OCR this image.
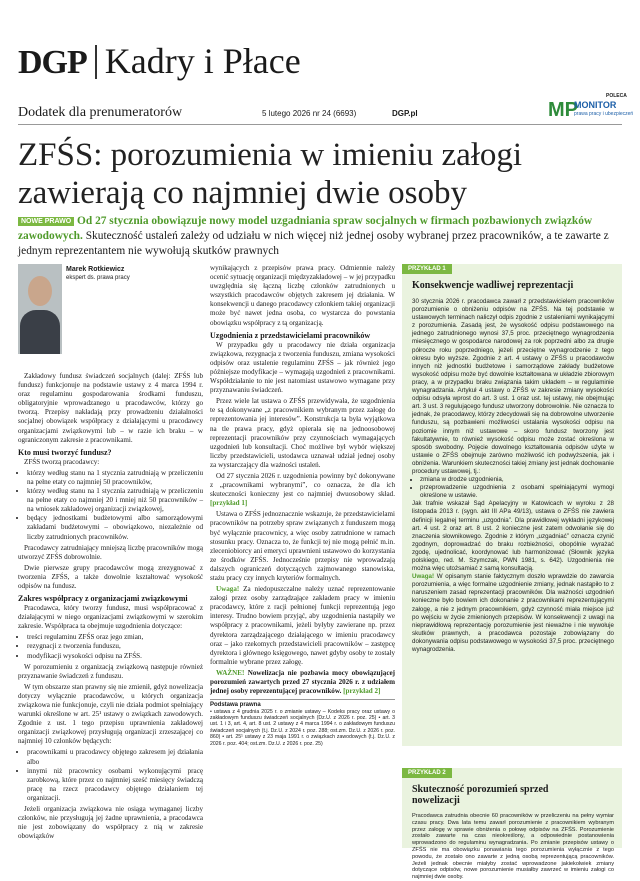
DGP Kadry i Płace
Dodatek dla prenumeratorów	5 lutego 2026 nr 24 (6693)	DGP.pl
POLECA
MP
MONITOR
prawa pracy i ubezpieczeń
ZFŚS: porozumienia w imieniu załogi zawierają co najmniej dwie osoby
NOWE PRAWO Od 27 stycznia obowiązuje nowy model uzgadniania spraw socjalnych w firmach pozbawionych związków zawodowych. Skuteczność ustaleń zależy od udziału w nich więcej niż jednej osoby wybranej przez pracowników, a te zawarte z jednym reprezentantem nie wywołują skutków prawnych
Marek Rotkiewicz
ekspert ds. prawa pracy

Zakładowy fundusz świadczeń socjalnych (dalej: ZFŚS lub fundusz) funkcjonuje na podstawie ustawy z 4 marca 1994 r. oraz regulaminu gospodarowania środkami funduszu, obligatoryjnie wprowadzanego u pracodawców, którzy go tworzą. Przepisy nakładają przy prowadzeniu działalności socjalnej obowiązek współpracy z działającymi u pracodawcy organizacjami związkowymi lub – w razie ich braku – w ograniczonym zakresie z pracownikami.

Kto musi tworzyć fundusz?

ZFŚS tworzą pracodawcy:

• którzy według stanu na 1 stycznia zatrudniają w przeliczeniu na pełne etaty co najmniej 50 pracowników,
• którzy według stanu na 1 stycznia zatrudniają w przeliczeniu na pełne etaty co najmniej 20 i mniej niż 50 pracowników – na wniosek zakładowej organizacji związkowej,
• będący jednostkami budżetowymi albo samorządowymi zakładami budżetowymi – obowiązkowo, niezależnie od liczby zatrudnionych pracowników.

Pracodawcy zatrudniający mniejszą liczbę pracowników mogą utworzyć ZFŚS dobrowolnie.

Dwie pierwsze grupy pracodawców mogą zrezygnować z tworzenia ZFŚS, a także dowolnie kształtować wysokość odpisów na fundusz.

Zakres współpracy z organizacjami związkowymi

Pracodawca, który tworzy fundusz, musi współpracować z działającymi w niego organizacjami związkowymi w szerokim zakresie. Współpraca ta obejmuje uzgodnienia dotyczące:

• treści regulaminu ZFŚS oraz jego zmian,
• rezygnacji z tworzenia funduszu,
• modyfikacji wysokości odpisu na ZFŚS.

W porozumieniu z organizacją związkową następuje również przyznawanie świadczeń z funduszu.

W tym obszarze stan prawny się nie zmienił, gdyż nowelizacja dotyczy wyłącznie pracodawców, u których organizacja związkowa nie funkcjonuje, czyli nie działa podmiot spełniający warunki określone w art. 25¹ ustawy o związkach zawodowych. Zgodnie z ust. 1 tego przepisu uprawnienia zakładowej organizacji związkowej przysługują organizacji zrzeszającej co najmniej 10 członków będących:

• pracownikami u pracodawcy objętego zakresem jej działania albo
• innymi niż pracownicy osobami wykonującymi pracę zarobkową, które przez co najmniej sześć miesięcy świadczą pracę na rzecz pracodawcy objętego działaniem tej organizacji.

Jeżeli organizacja związkowa nie osiąga wymaganej liczby członków, nie przysługują jej żadne uprawnienia, a pracodawca nie jest zobowiązany do współpracy z nią w zakresie obowiązków

wynikających z przepisów prawa pracy. Odmiennie należy ocenić sytuację organizacji międzyzakładowej – w jej przypadku uwzględnia się łączną liczbę członków zatrudnionych u wszystkich pracodawców objętych zakresem jej działania. W konsekwencji u danego pracodawcy członkiem takiej organizacji może być nawet jedna osoba, co wystarcza do powstania obowiązku współpracy z tą organizacją.

Uzgodnienia z przedstawicielami pracowników

W przypadku gdy u pracodawcy nie działa organizacja związkowa, rezygnacja z tworzenia funduszu, zmiana wysokości odpisów oraz ustalenie regulaminu ZFŚS – jak również jego późniejsze modyfikacje – wymagają uzgodnień z pracownikami. Współdziałanie to nie jest natomiast ustawowo wymagane przy przyznawaniu świadczeń.

Przez wiele lat ustawa o ZFŚS przewidywała, że uzgodnienia te są dokonywane „z pracownikiem wybranym przez załogę do reprezentowania jej interesów”. Konstrukcja ta była wyjątkowa na tle prawa pracy, gdyż opierała się na jednoosobowej reprezentacji pracowników przy czynnościach wymagających uzgodnień lub konsultacji. Choć możliwe był wybór większej liczby przedstawicieli, ustodawca uznawał udział jednej osoby za wystarczający dla ważności ustaleń.

Od 27 stycznia 2026 r. uzgodnienia powinny być dokonywane z „pracownikami wybranymi”, co oznacza, że dla ich skuteczności konieczny jest co najmniej dwuosobowy skład. [przykład 1]

Ustawa o ZFŚS jednoznacznie wskazuje, że przedstawicielami pracowników na potrzeby spraw związanych z funduszem mogą być wyłącznie pracownicy, a więc osoby zatrudnione w ramach stosunku pracy. Oznacza to, że funkcji tej nie mogą pełnić m.in. zleceniobiorcy ani emeryci uprawnieni ustawowo do korzystania ze środków ZFŚS. Jednocześnie przepisy nie wprowadzają dalszych ograniczeń dotyczących zajmowanego stanowiska, stażu pracy czy innych kryteriów formalnych.

Uwaga! Za niedopuszczalne należy uznać reprezentowanie załogi przez osoby zarządzające zakładem pracy w imieniu pracodawcy, które z racji pełnionej funkcji reprezentują jego interesy. Trudno bowiem przyjąć, aby uzgodnienia nastąpiły we współpracy z pracownikami, jeżeli byłyby zawierane np. przez dyrektora zarządzającego działającego w imieniu pracodawcy oraz – jako rzekomych przedstawicieli pracowników – zastępcę dyrektora i głównego księgowego, nawet gdyby osoby te zostały formalnie wybrane przez załogę.

WAŻNE! Nowelizacja nie pozbawia mocy obowiązującej porozumień zawartych przed 27 stycznia 2026 r. z udziałem jednej osoby reprezentującej pracowników. [przykład 2]

Podstawa prawna
• ustawa z 4 grudnia 2025 r. o zmianie ustawy – Kodeks pracy oraz ustawy o zakładowym funduszu świadczeń socjalnych (Dz.U. z 2026 r. poz. 25) • art. 3 ust. 1 i 3, art. 4, art. 8 ust. 2 ustawy z 4 marca 1994 r. o zakładowym funduszu świadczeń socjalnych (t.j. Dz.U. z 2024 r. poz. 288; ost.zm. Dz.U. z 2026 r. poz. 860) • art. 25¹ ustawy z 23 maja 1991 r. o związkach zawodowych (t.j. Dz.U. z 2026 r. poz. 404; ost.zm. Dz.U. z 2026 r. poz. 25)
PRZYKŁAD 1
Konsekwencje wadliwej reprezentacji
30 stycznia 2026 r. pracodawca zawarł z przedstawicielem pracowników porozumienie o obniżeniu odpisów na ZFŚS. Na tej podstawie w ustawowych terminach naliczył odpis zgodnie z ustaleniami wynikającymi z porozumienia. Zasadą jest, że wysokość odpisu podstawowego na jednego zatrudnionego wynosi 37,5 proc. przeciętnego wynagrodzenia miesięcznego w gospodarce narodowej za rok poprzedni albo za drugie półrocze roku poprzedniego, jeżeli przeciętne wynagrodzenie z tego okresu było wyższe. Zgodnie z art. 4 ustawy o ZFŚS u pracodawców innych niż jednostki budżetowe i samorządowe zakłady budżetowe wysokość odpisu może być dowolnie kształtowana w układzie zbiorowym pracy, a w przypadku braku związania takim układem – w regulaminie wynagradzania. Artykuł 4 ustawy o ZFŚS w zakresie zmiany wysokości odpisu odsyła wprost do art. 3 ust. 1 oraz ust. tej ustawy, nie obejmując art. 3 ust. 3 regulującego fundusz utworzony dobrowolnie. Nie oznacza to jednak, że pracodawcy, którzy zdecydowali się na dobrowolne utworzenie funduszu, są pozbawieni możliwości ustalania wysokości odpisu na poziomie innym niż ustawowe – skoro fundusz tworzony jest fakultatywnie, to również wysokość odpisu może zostać określona w sposób swobodny. Pojęcie dowolnego kształtowania odpisów użyte w ustawie o ZFŚS obejmuje zarówno możliwość ich podwyższenia, jak i obniżenia. Warunkiem skuteczności takiej zmiany jest jednak dochowanie procedury ustawowej, tj.:
• zmiana w drodze uzgodnienia,
• przeprowadzenie uzgodnienia z osobami spełniającymi wymogi określone w ustawie.
Jak trafnie wskazał Sąd Apelacyjny w Katowicach w wyroku z 28 listopada 2013 r. (sygn. akt III APa 49/13), ustawa o ZFŚS nie zawiera definicji legalnej terminu „uzgodnia”. Dla prawidłowej wykładni językowej art. 4 ust. 2 oraz art. 8 ust. 2 konieczne jest zatem odwołanie się do znaczenia słownikowego. Zgodnie z którym „uzgadniać” oznacza czynić zgodnym, doprowadzać do braku rozbieżności, obopólnie wyrażać zgodę, ujednolicać, koordynować lub harmonizować (Słownik języka polskiego, red. M. Szymczak, PWN 1981, s. 642). Uzgodnienia nie można więc utożsamiać z samą konsultacją.
Uwaga! W opisanym stanie faktycznym doszło wprawdzie do zawarcia porozumienia, a więc formalne uzgodnienie zmiany, jednak nastąpiło to z naruszeniem zasad reprezentacji pracowników. Dla ważności uzgodnień konieczne było bowiem ich dokonanie z pracownikami reprezentującymi załogę, a nie z jednym pracownikiem, gdyż czynność miała miejsce już po wejściu w życie zmienionych przepisów. W konsekwencji z uwagi na nieprawidłową reprezentację porozumienie jest nieważne i nie wywołuje skutków prawnych, a pracodawca pozostaje zobowiązany do dokonywania odpisu podstawowego w wysokości 37,5 proc. przeciętnego wynagrodzenia.
PRZYKŁAD 2
Skuteczność porozumień sprzed nowelizacji
Pracodawca zatrudnia obecnie 60 pracowników w przeliczeniu na pełny wymiar czasu pracy. Dwa lata temu zawarł porozumienie z pracownikiem wybranym przez załogę w sprawie obniżenia o połowę odpisów na ZFŚS. Porozumienie zostało zawarte na czas nieokreślony, a odpowiednie postanowienia wprowadzono do regulaminu wynagradzania. Po zmianie przepisów ustawy o ZFŚS nie ma obowiązku ponawiania tego porozumienia wyłącznie z tego powodu, że zostało ono zawarte z jedną osobą reprezentującą pracowników. Jeżeli jednak obecnie miałyby zostać wprowadzone jakiekolwiek zmiany dotyczące odpisów, nowe porozumienie musiałby zawrzeć w imieniu załogi co najmniej dwie osoby.
